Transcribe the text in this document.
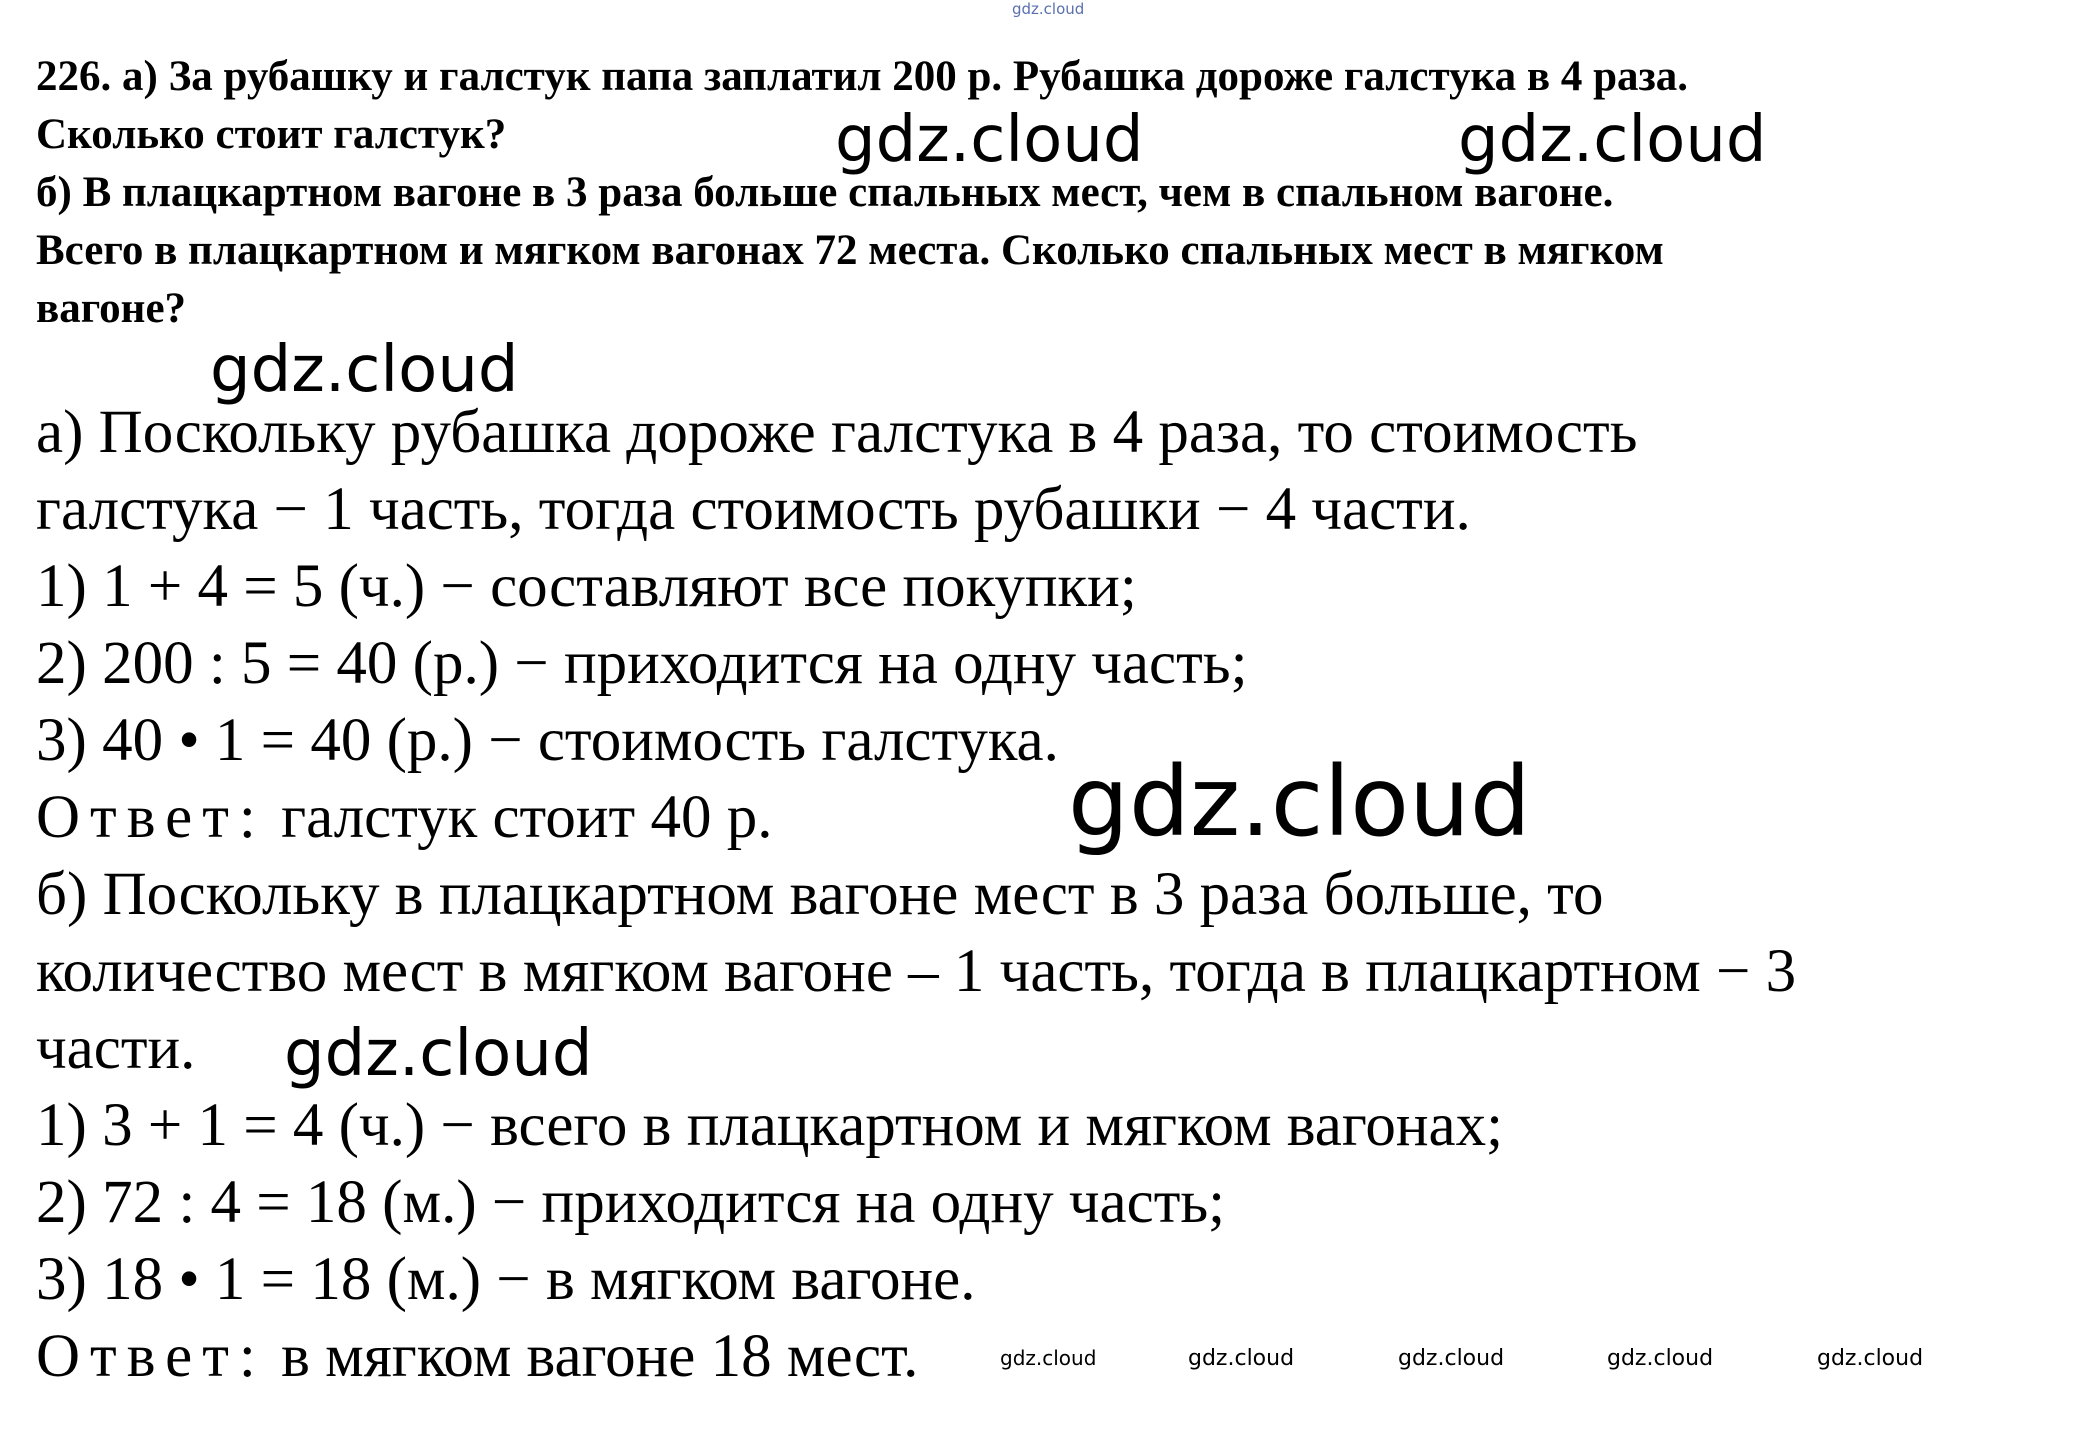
gdz.cloud
226. а) За рубашку и галстук папа заплатил 200 р. Рубашка дороже галстука в 4 раза.
Сколько стоит галстук?
б) В плацкартном вагоне в 3 раза больше спальных мест, чем в спальном вагоне.
Всего в плацкартном и мягком вагонах 72 места. Сколько спальных мест в мягком
вагоне?
а) Поскольку рубашка дороже галстука в 4 раза, то стоимость
галстука − 1 часть, тогда стоимость рубашки − 4 части.
1) 1 + 4 = 5 (ч.) − составляют все покупки;
2) 200 : 5 = 40 (р.) − приходится на одну часть;
3) 40 • 1 = 40 (р.) − стоимость галстука.
Ответ: галстук стоит 40 р.
б) Поскольку в плацкартном вагоне мест в 3 раза больше, то
количество мест в мягком вагоне – 1 часть, тогда в плацкартном − 3
части.
1) 3 + 1 = 4 (ч.) − всего в плацкартном и мягком вагонах;
2) 72 : 4 = 18 (м.) − приходится на одну часть;
3) 18 • 1 = 18 (м.) − в мягком вагоне.
Ответ: в мягком вагоне 18 мест.
gdz.cloud	gdz.cloud
gdz.cloud
gdz.cloud
gdz.cloud
gdz.cloud	gdz.cloud	gdz.cloud	gdz.cloud	gdz.cloud
